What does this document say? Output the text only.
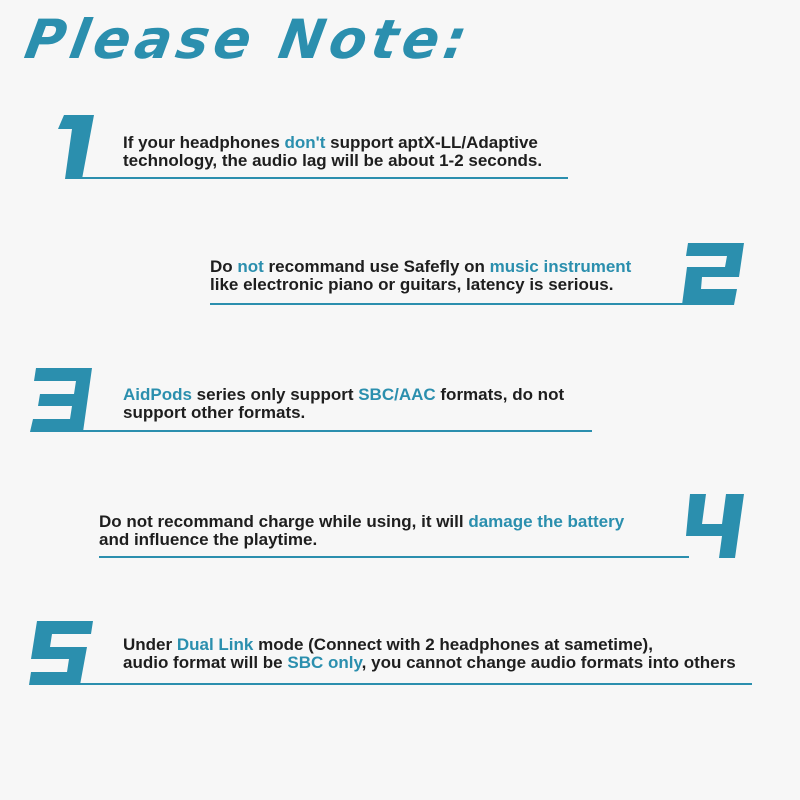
Please Note:
If your headphones don't support aptX-LL/Adaptive
technology, the audio lag will be about 1-2 seconds.
Do not recommand use Safefly on music instrument
like electronic piano or guitars, latency is serious.
AidPods series only support SBC/AAC formats, do not
support other formats.
Do not recommand charge while using, it will damage the battery
and influence the playtime.
Under Dual Link mode (Connect with 2 headphones at sametime),
audio format will be SBC only, you cannot change audio formats into others
